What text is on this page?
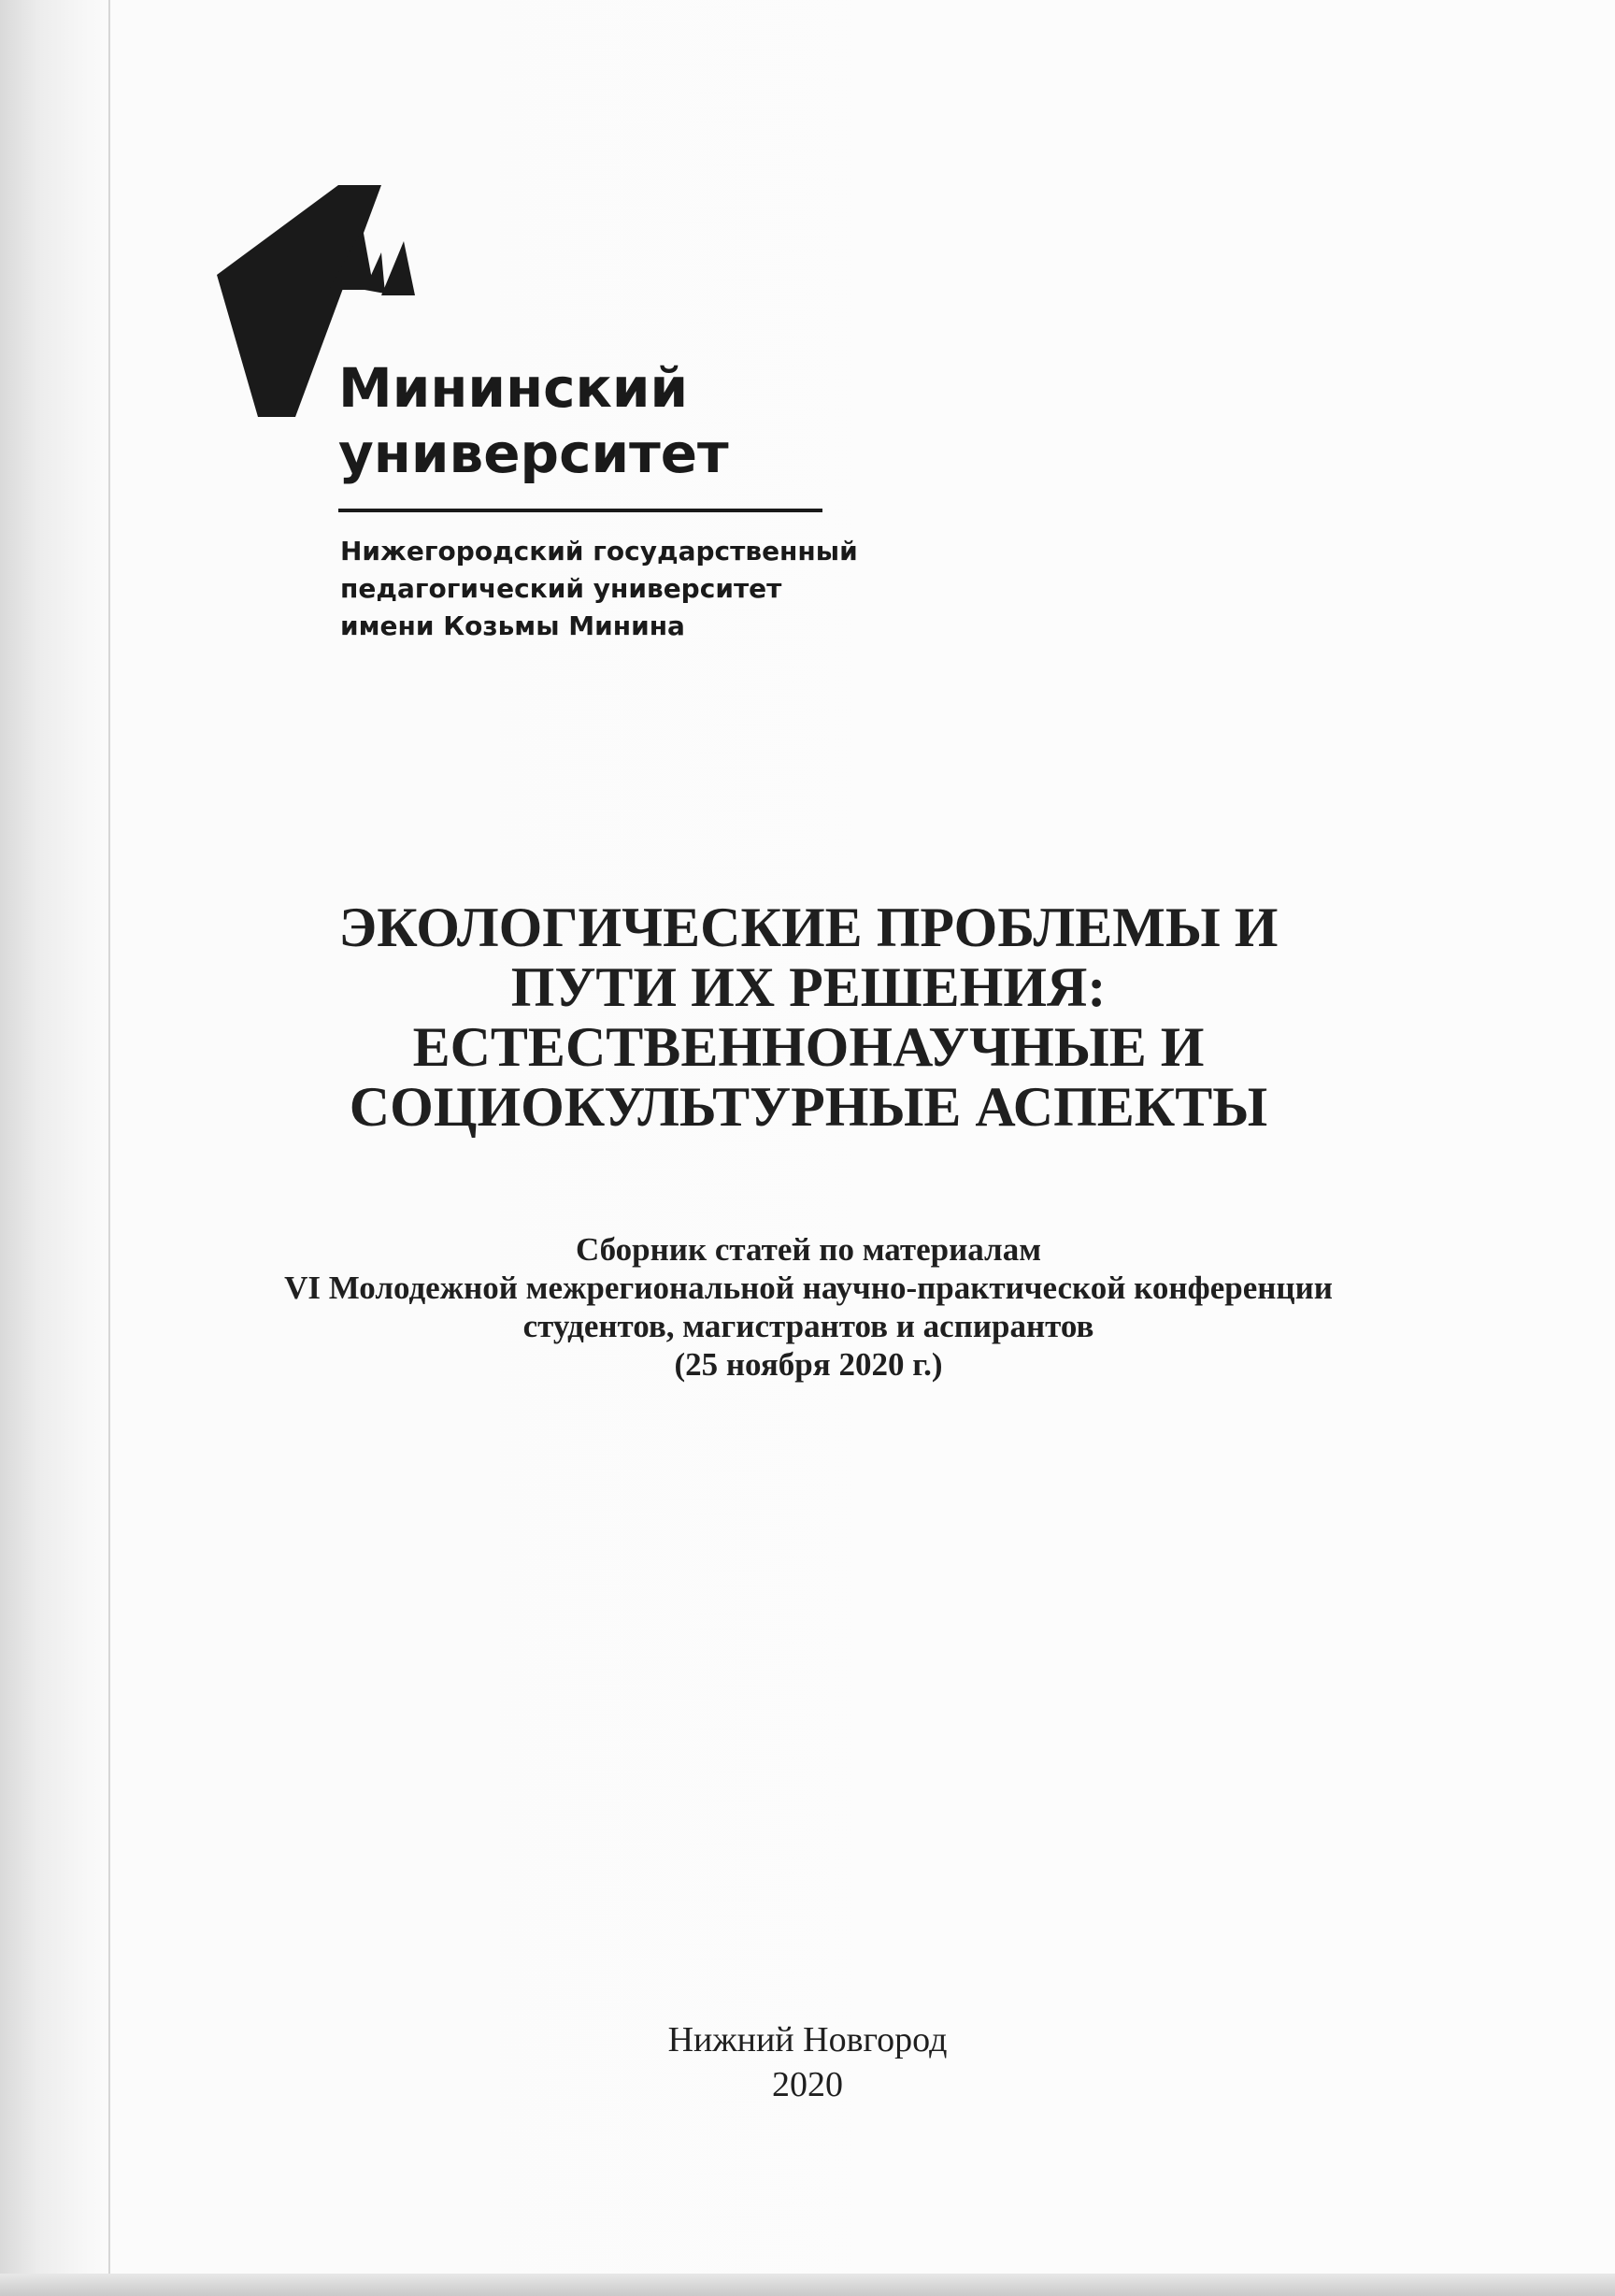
Мининский
университет
Нижегородский государственный
педагогический университет
имени Козьмы Минина
ЭКОЛОГИЧЕСКИЕ ПРОБЛЕМЫ И
ПУТИ ИХ РЕШЕНИЯ:
ЕСТЕСТВЕННОНАУЧНЫЕ И
СОЦИОКУЛЬТУРНЫЕ АСПЕКТЫ
Сборник статей по материалам
VI Молодежной межрегиональной научно-практической конференции
студентов, магистрантов и аспирантов
(25 ноября 2020 г.)
Нижний Новгород
2020
